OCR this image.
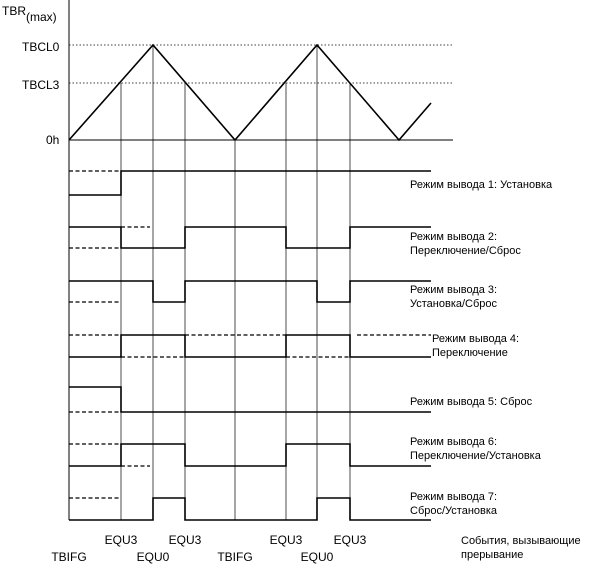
TBR(max)
TBCL0
TBCL3
0h
Режим вывода 1: Установка
Режим вывода 2:
Переключение/Сброс
Режим вывода 3:
Установка/Сброс
Режим вывода 4:
Переключение
Режим вывода 5: Сброс
Режим вывода 6:
Переключение/Установка
Режим вывода 7:
Сброс/Установка
EQU3	EQU3	EQU3	EQU3
TBIFG	EQU0	TBIFG	EQU0
События, вызывающие
прерывание
